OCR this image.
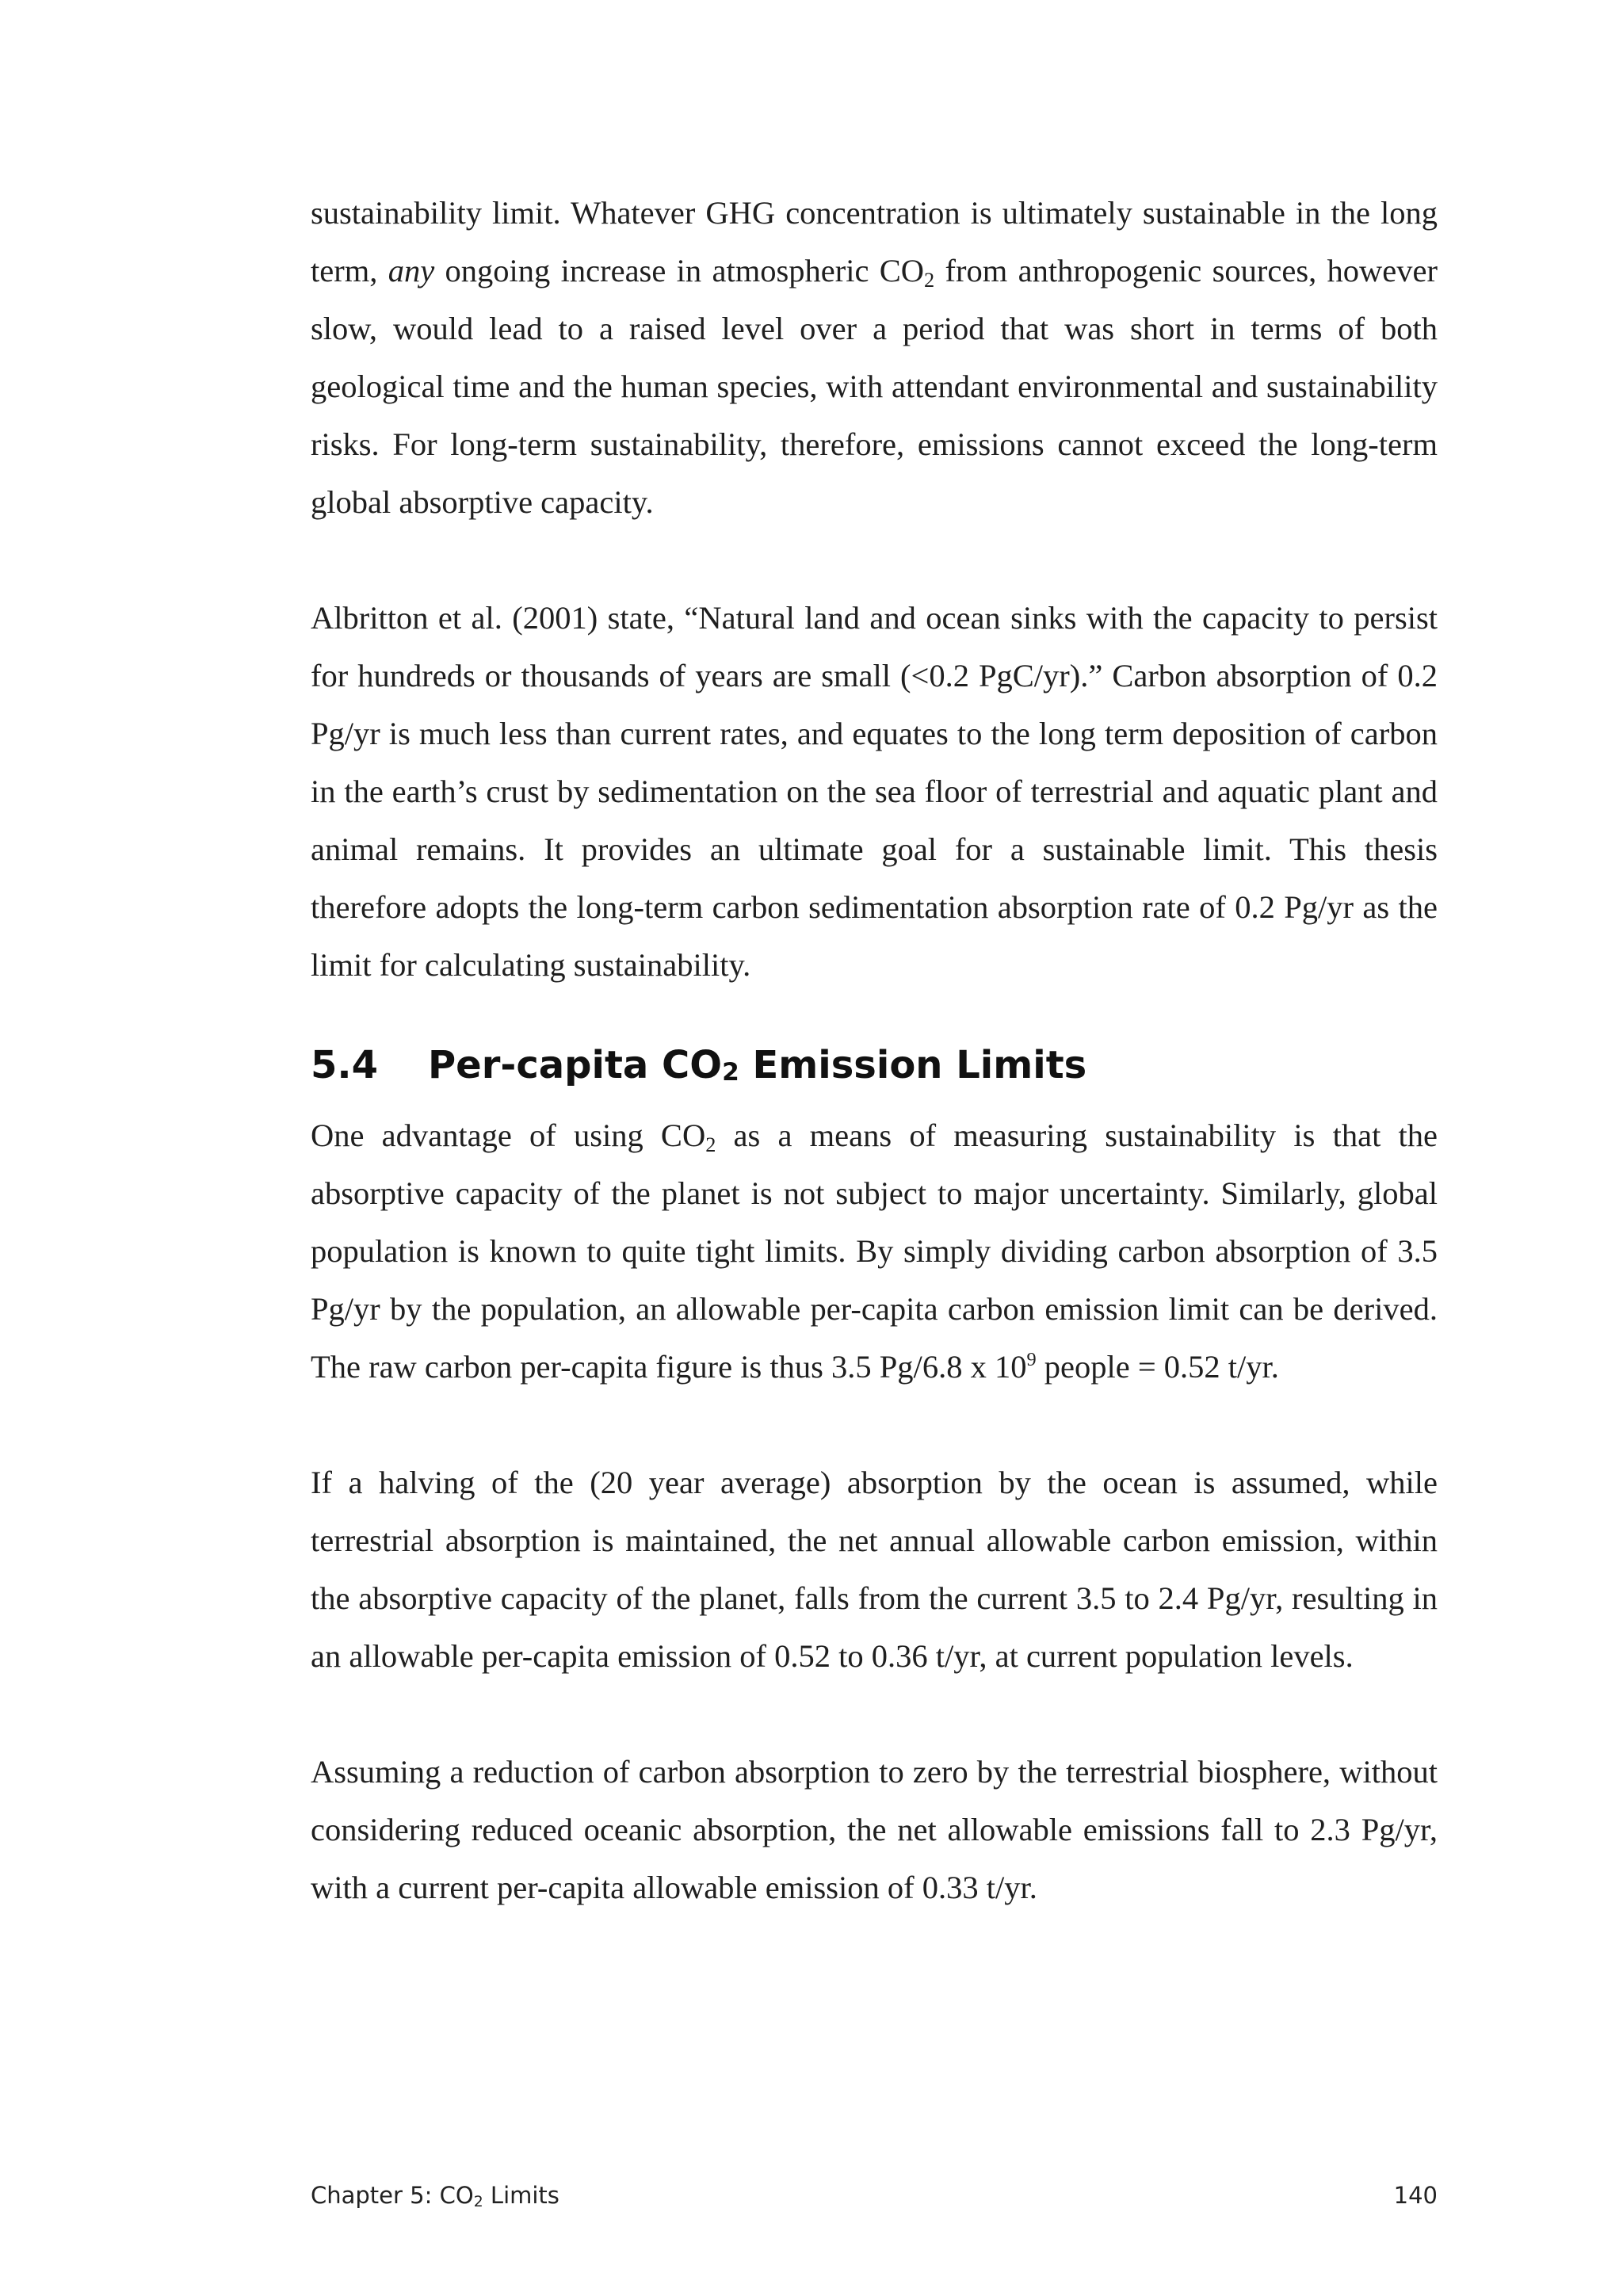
sustainability limit. Whatever GHG concentration is ultimately sustainable in the long term, any ongoing increase in atmospheric $CO_2$ from anthropogenic sources, however slow, would lead to a raised level over a period that was short in terms of both geological time and the human species, with attendant environmental and sustainability risks. For long-term sustainability, therefore, emissions cannot exceed the long-term global absorptive capacity.

Albritton et al. (2001) state, “Natural land and ocean sinks with the capacity to persist for hundreds or thousands of years are small (<0.2 PgC/yr).” Carbon absorption of 0.2 Pg/yr is much less than current rates, and equates to the long term deposition of carbon in the earth’s crust by sedimentation on the sea floor of terrestrial and aquatic plant and animal remains. It provides an ultimate goal for a sustainable limit. This thesis therefore adopts the long-term carbon sedimentation absorption rate of 0.2 Pg/yr as the limit for calculating sustainability.

5.4	Per-capita CO2 Emission Limits

One advantage of using $CO_2$ as a means of measuring sustainability is that the absorptive capacity of the planet is not subject to major uncertainty. Similarly, global population is known to quite tight limits. By simply dividing carbon absorption of 3.5 Pg/yr by the population, an allowable per-capita carbon emission limit can be derived. The raw carbon per-capita figure is thus 3.5 Pg/6.8 x $10^9$ people = 0.52 t/yr.

If a halving of the (20 year average) absorption by the ocean is assumed, while terrestrial absorption is maintained, the net annual allowable carbon emission, within the absorptive capacity of the planet, falls from the current 3.5 to 2.4 Pg/yr, resulting in an allowable per-capita emission of 0.52 to 0.36 t/yr, at current population levels.

Assuming a reduction of carbon absorption to zero by the terrestrial biosphere, without considering reduced oceanic absorption, the net allowable emissions fall to 2.3 Pg/yr, with a current per-capita allowable emission of 0.33 t/yr.

Chapter 5: $CO_2$ Limits	140
